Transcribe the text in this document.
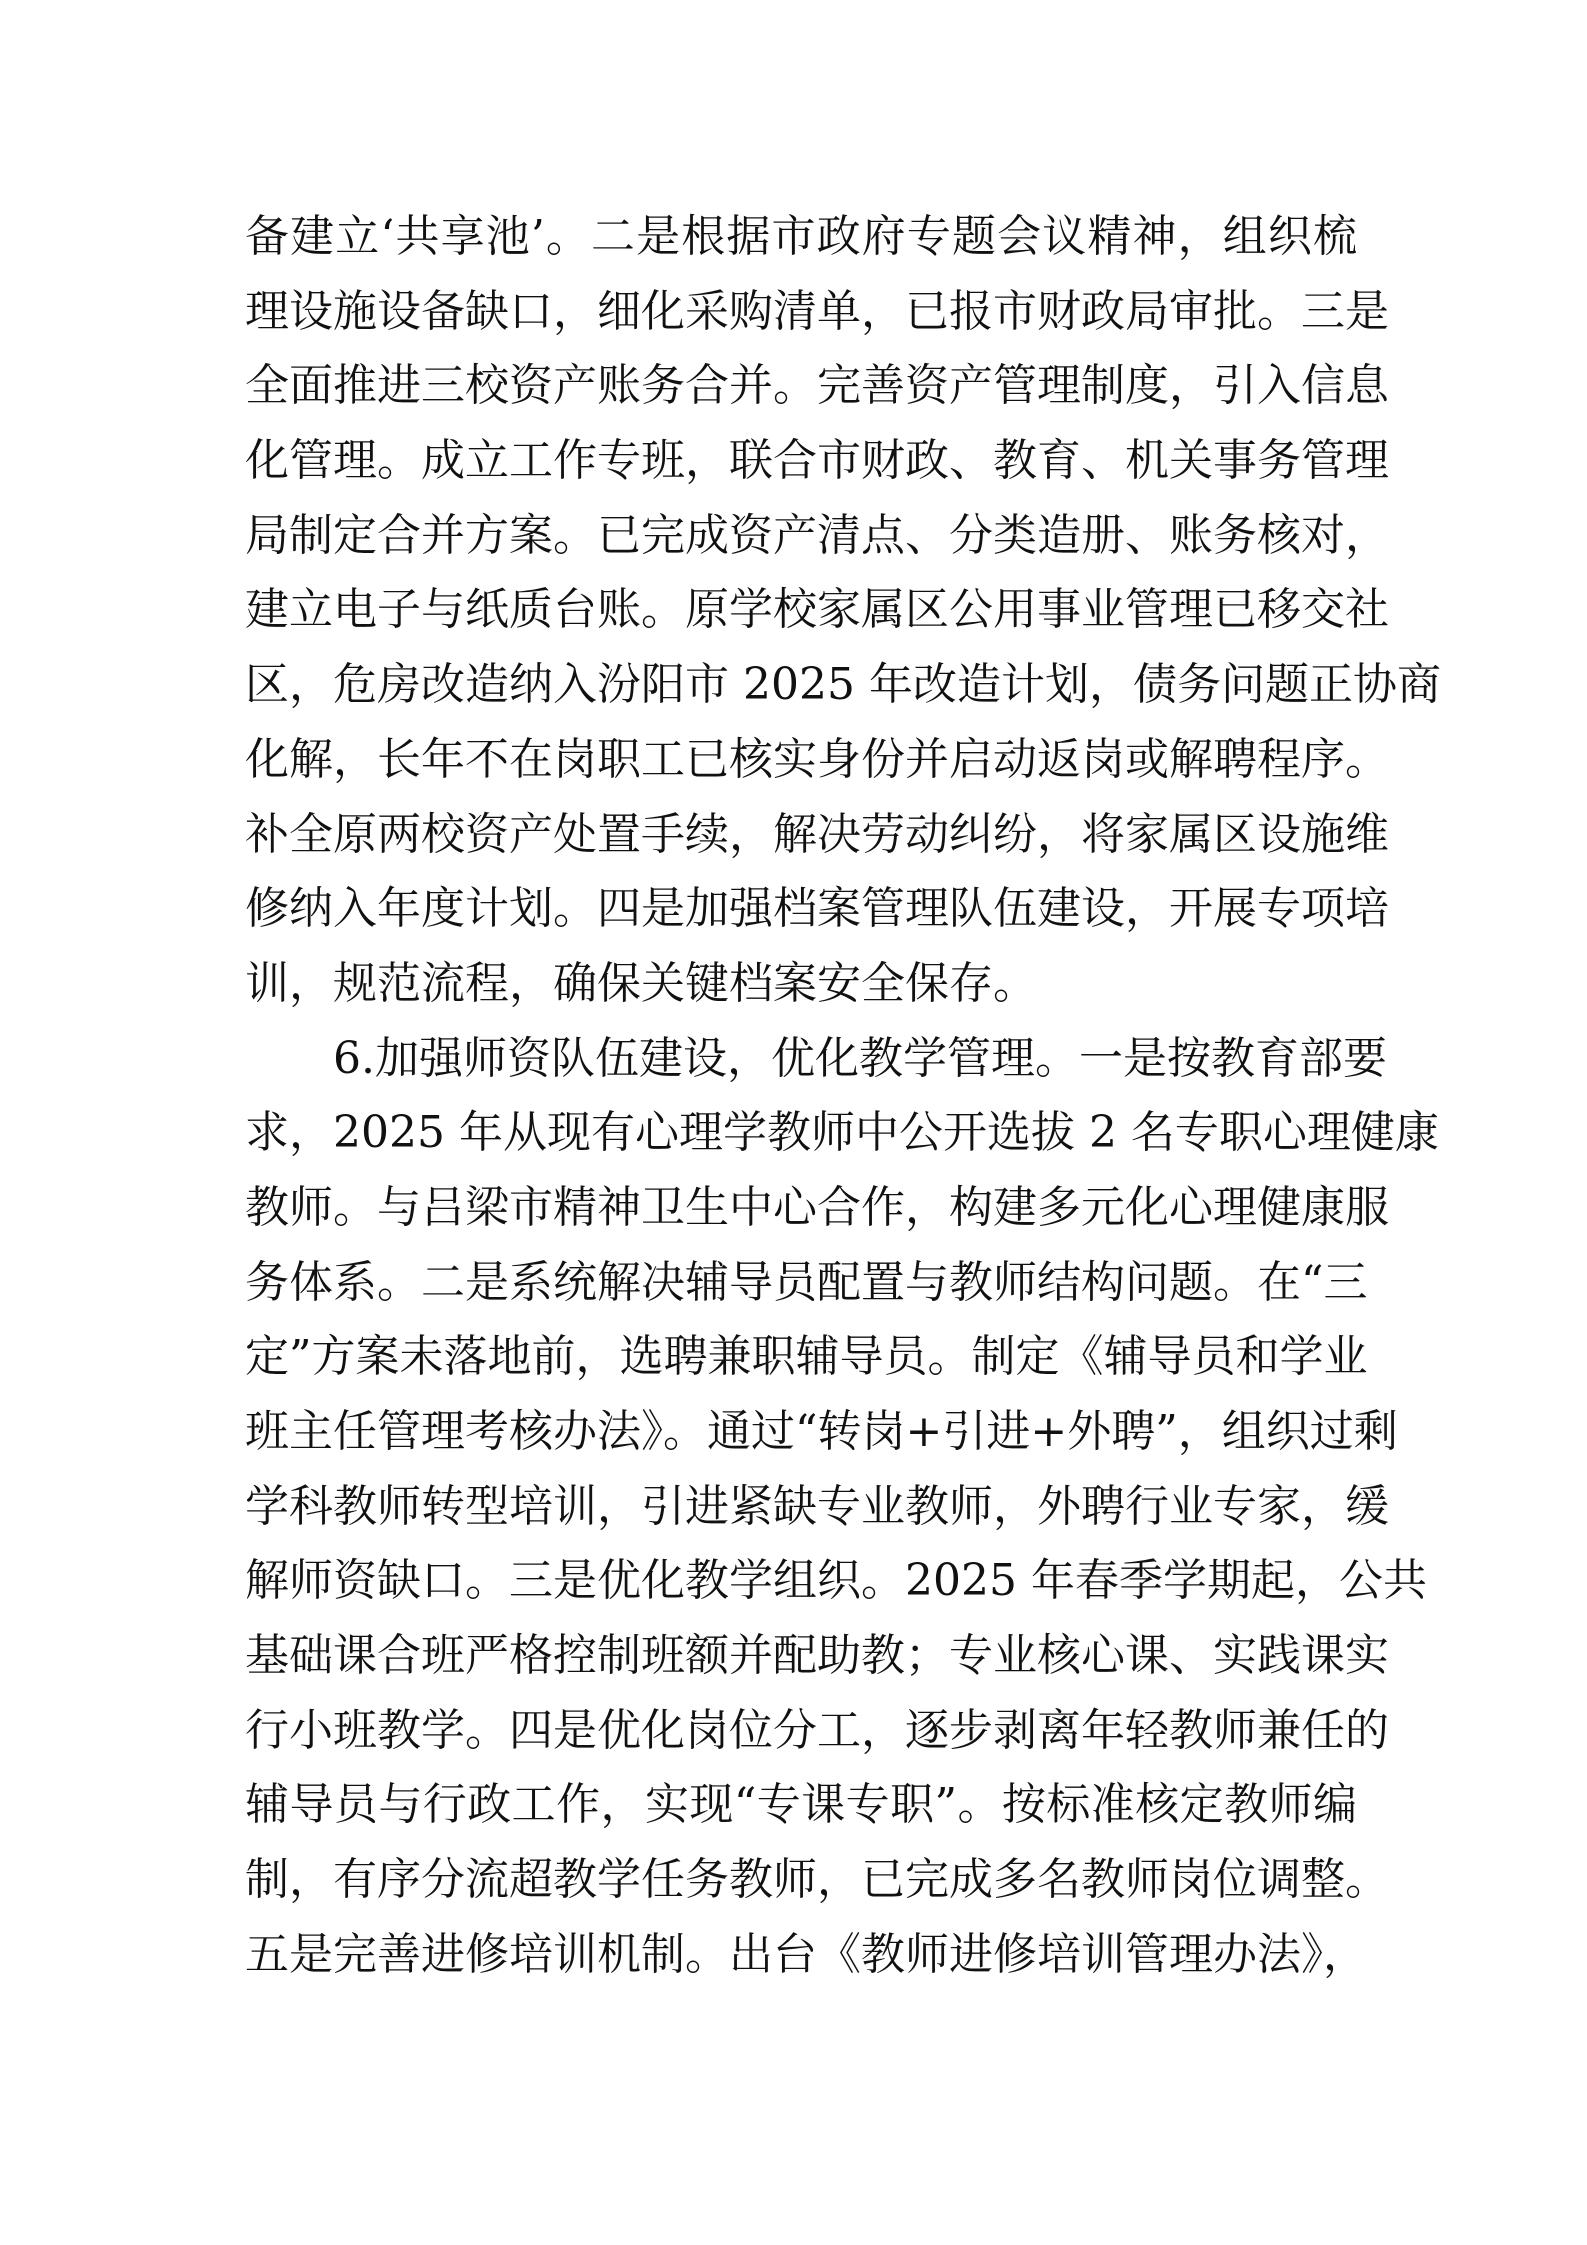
备建立‘共享池’。二是根据市政府专题会议精神，组织梳
理设施设备缺口，细化采购清单，已报市财政局审批。三是
全面推进三校资产账务合并。完善资产管理制度，引入信息
化管理。成立工作专班，联合市财政、教育、机关事务管理
局制定合并方案。已完成资产清点、分类造册、账务核对，
建立电子与纸质台账。原学校家属区公用事业管理已移交社
区，危房改造纳入汾阳市 2025 年改造计划，债务问题正协商
化解，长年不在岗职工已核实身份并启动返岗或解聘程序。
补全原两校资产处置手续，解决劳动纠纷，将家属区设施维
修纳入年度计划。四是加强档案管理队伍建设，开展专项培
训，规范流程，确保关键档案安全保存。
6.加强师资队伍建设，优化教学管理。一是按教育部要
求，2025 年从现有心理学教师中公开选拔 2 名专职心理健康
教师。与吕梁市精神卫生中心合作，构建多元化心理健康服
务体系。二是系统解决辅导员配置与教师结构问题。在“三
定”方案未落地前，选聘兼职辅导员。制定《辅导员和学业
班主任管理考核办法》。通过“转岗+引进+外聘”，组织过剩
学科教师转型培训，引进紧缺专业教师，外聘行业专家，缓
解师资缺口。三是优化教学组织。2025 年春季学期起，公共
基础课合班严格控制班额并配助教；专业核心课、实践课实
行小班教学。四是优化岗位分工，逐步剥离年轻教师兼任的
辅导员与行政工作，实现“专课专职”。按标准核定教师编
制，有序分流超教学任务教师，已完成多名教师岗位调整。
五是完善进修培训机制。出台《教师进修培训管理办法》，
